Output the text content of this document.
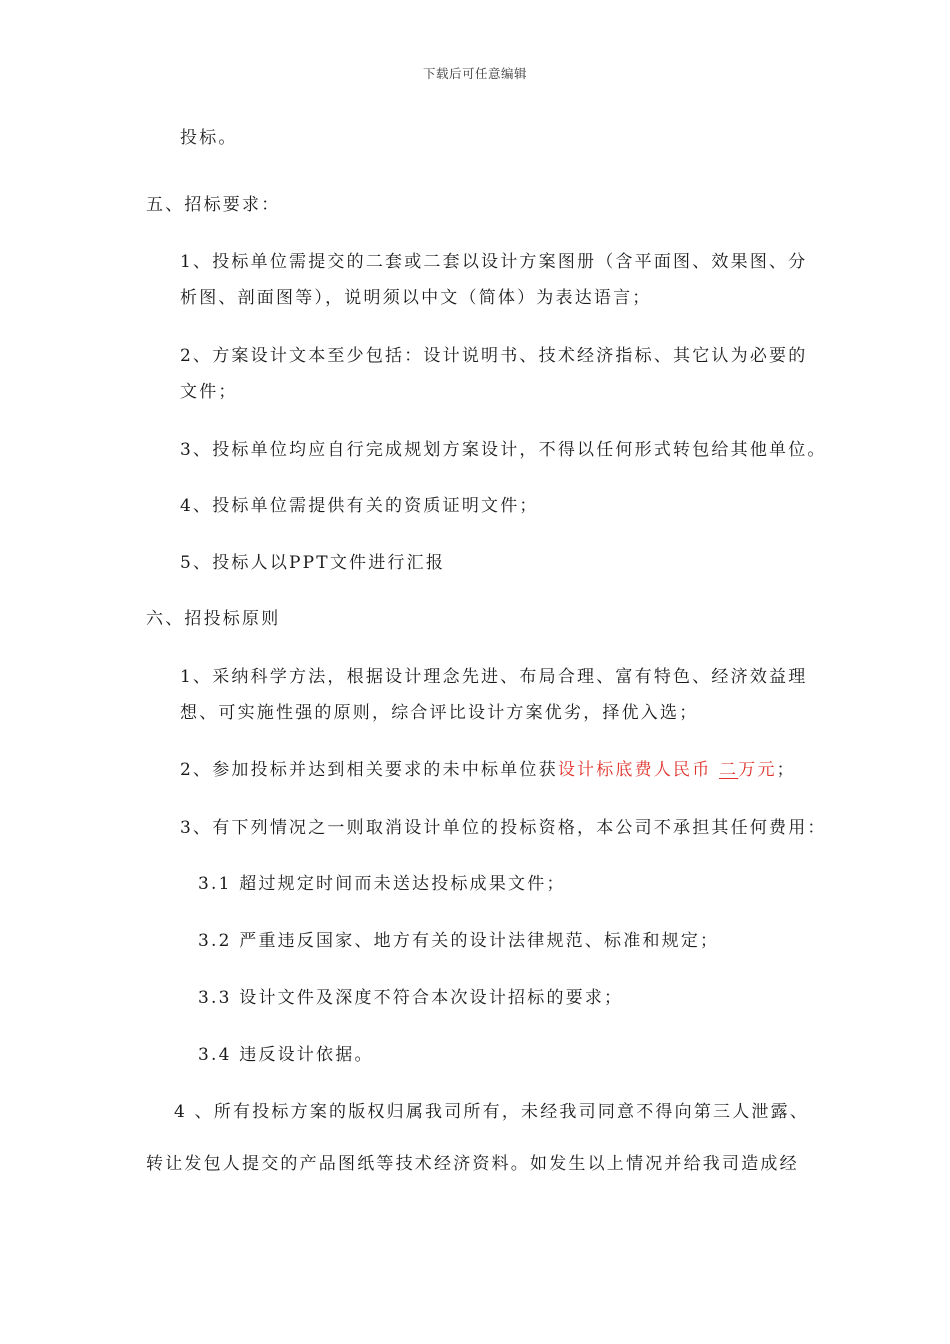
下载后可任意编辑
投标。
五、招标要求：
1、投标单位需提交的二套或二套以设计方案图册（含平面图、效果图、分
析图、剖面图等），说明须以中文（简体）为表达语言；
2、方案设计文本至少包括：设计说明书、技术经济指标、其它认为必要的
文件；
3、投标单位均应自行完成规划方案设计，不得以任何形式转包给其他单位。
4、投标单位需提供有关的资质证明文件；
5、投标人以PPT文件进行汇报
六、招投标原则
1、采纳科学方法，根据设计理念先进、布局合理、富有特色、经济效益理
想、可实施性强的原则，综合评比设计方案优劣，择优入选；
2、参加投标并达到相关要求的未中标单位获设计标底费人民币 二万元；
3、有下列情况之一则取消设计单位的投标资格，本公司不承担其任何费用：
3.1 超过规定时间而未送达投标成果文件；
3.2 严重违反国家、地方有关的设计法律规范、标准和规定；
3.3 设计文件及深度不符合本次设计招标的要求；
3.4 违反设计依据。
4 、所有投标方案的版权归属我司所有，未经我司同意不得向第三人泄露、
转让发包人提交的产品图纸等技术经济资料。如发生以上情况并给我司造成经
